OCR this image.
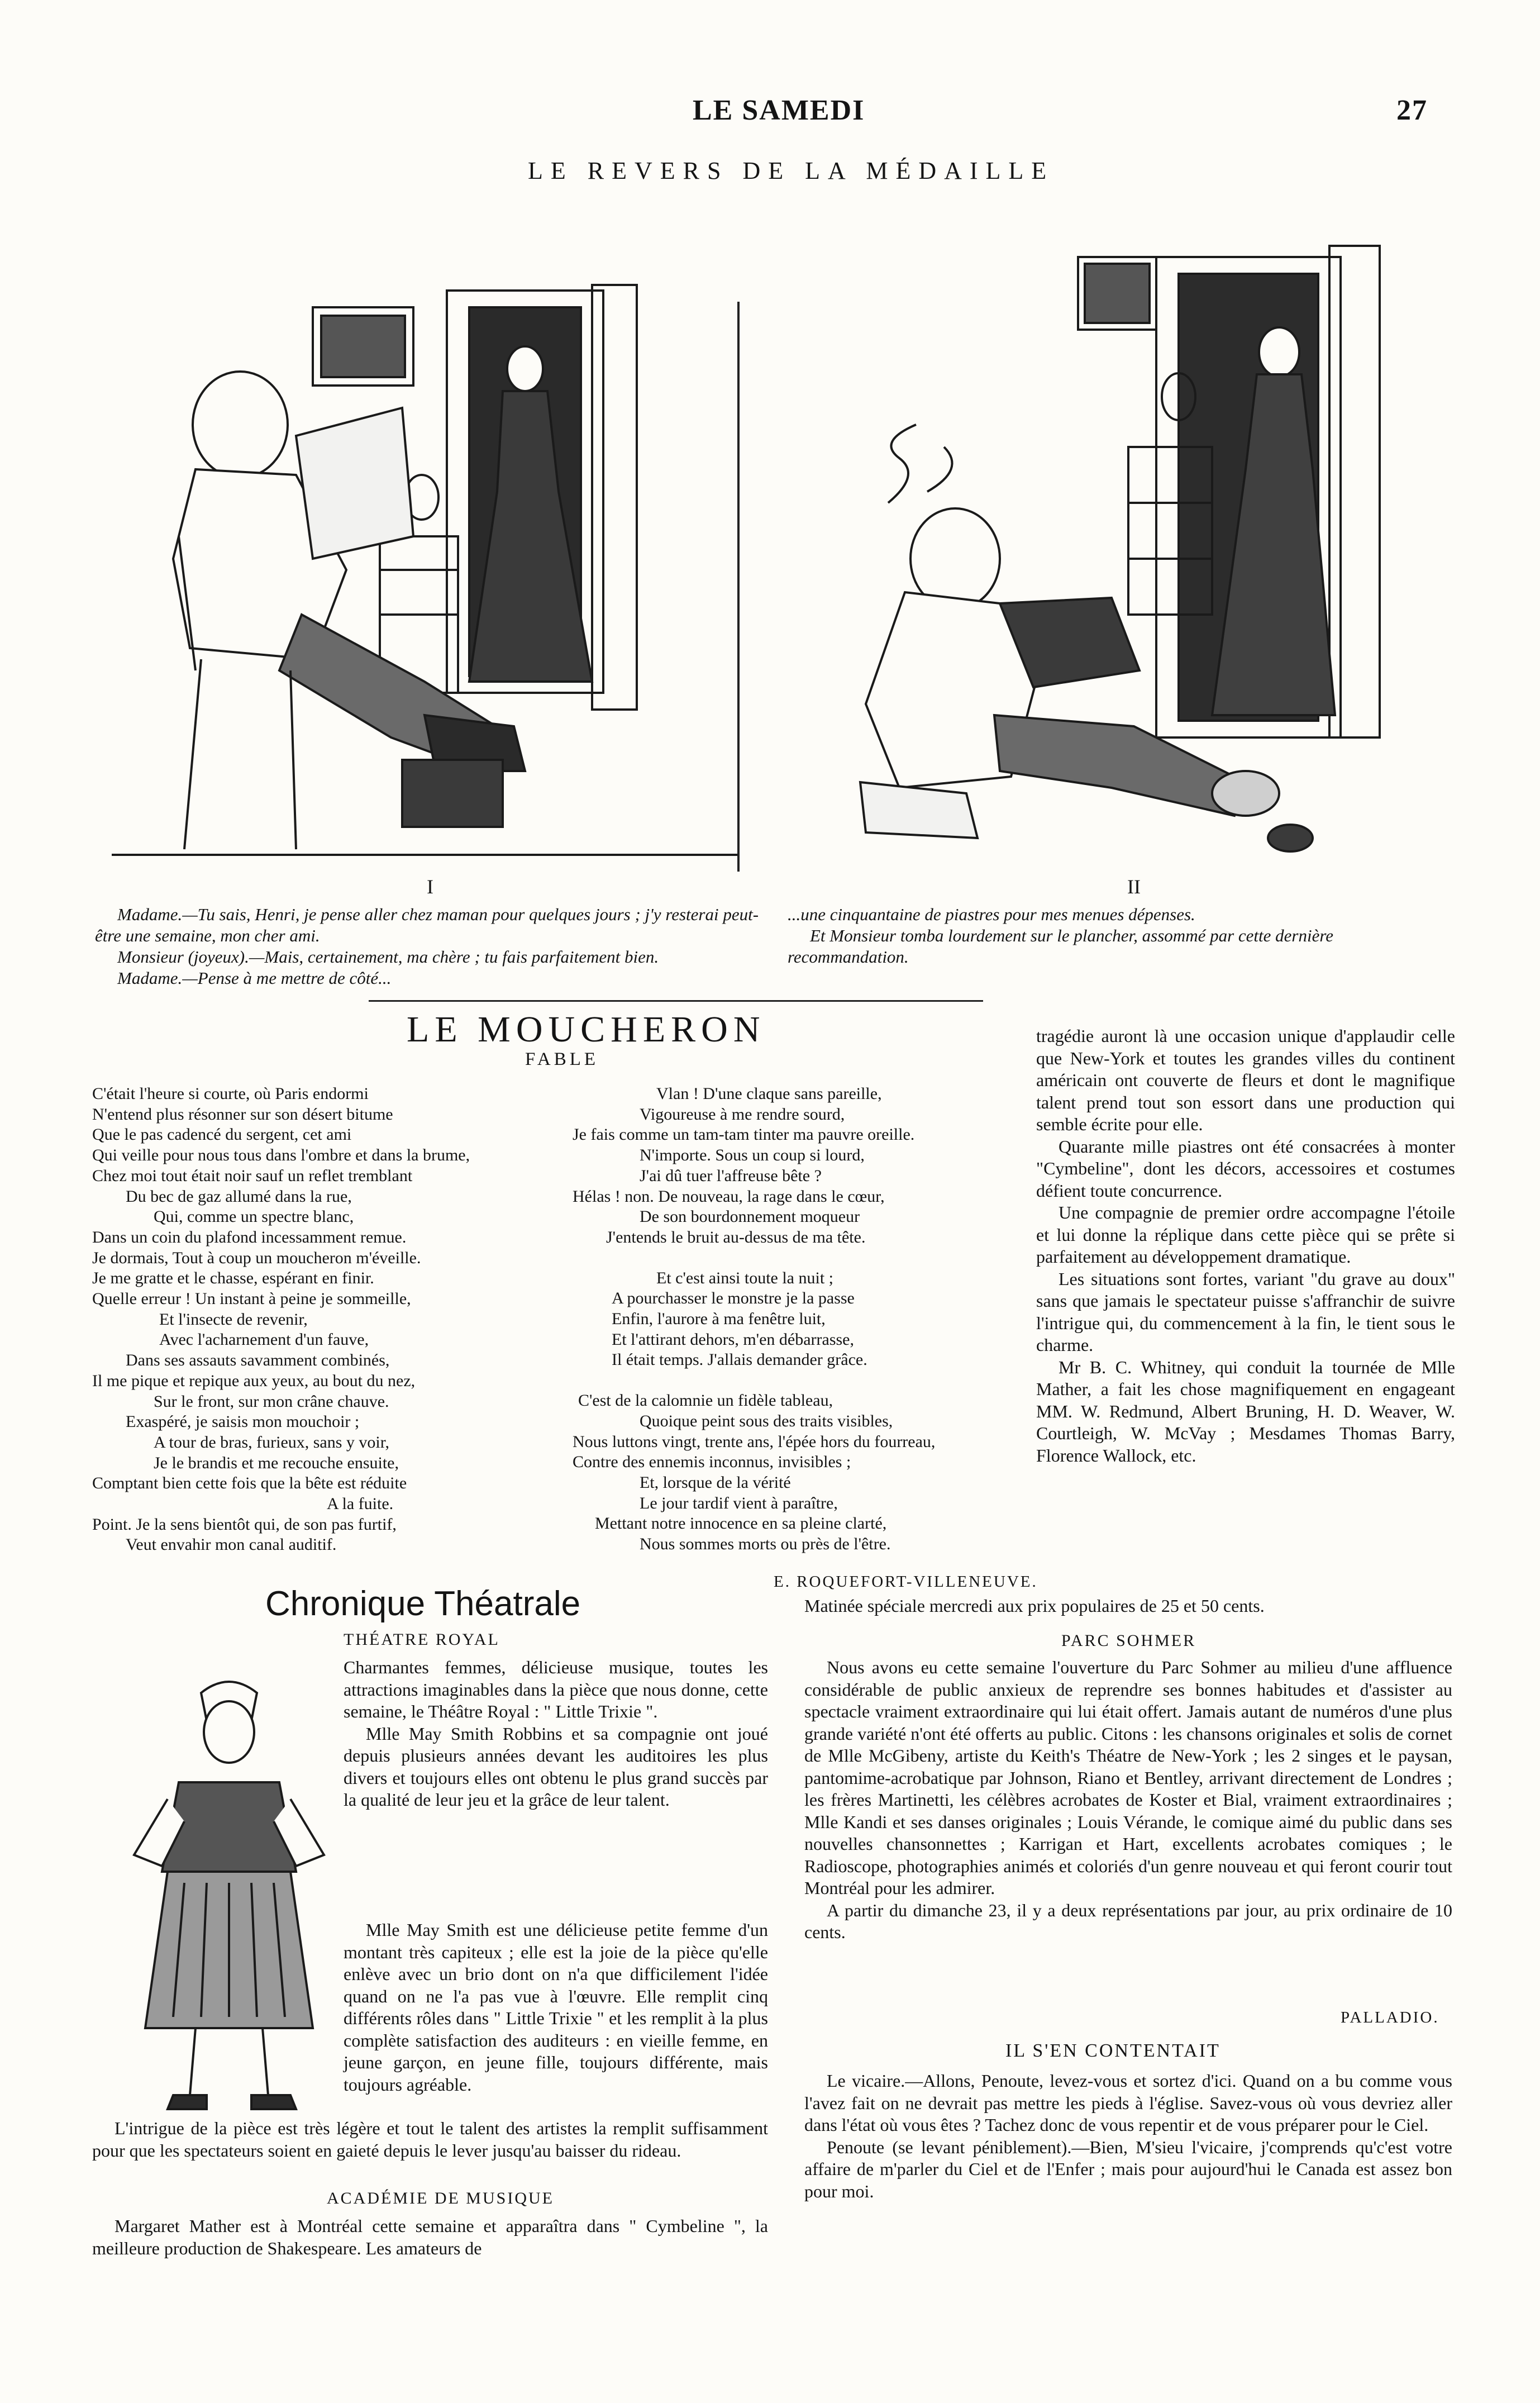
LE SAMEDI	27
LE REVERS DE LA MÉDAILLE
I	II
Madame.—Tu sais, Henri, je pense aller chez maman pour quelques jours ; j'y resterai peut-être une semaine, mon cher ami.
Monsieur (joyeux).—Mais, certainement, ma chère ; tu fais parfaitement bien.
Madame.—Pense à me mettre de côté...
...une cinquantaine de piastres pour mes menues dépenses.
Et Monsieur tomba lourdement sur le plancher, assommé par cette dernière recommandation.
LE MOUCHERON
FABLE
C'était l'heure si courte, où Paris endormi
N'entend plus résonner sur son désert bitume
Que le pas cadencé du sergent, cet ami
Qui veille pour nous tous dans l'ombre et dans la brume,
Chez moi tout était noir sauf un reflet tremblant
Du bec de gaz allumé dans la rue,
Qui, comme un spectre blanc,
Dans un coin du plafond incessamment remue.
Je dormais, Tout à coup un moucheron m'éveille.
Je me gratte et le chasse, espérant en finir.
Quelle erreur ! Un instant à peine je sommeille,
Et l'insecte de revenir,
Avec l'acharnement d'un fauve,
Dans ses assauts savamment combinés,
Il me pique et repique aux yeux, au bout du nez,
Sur le front, sur mon crâne chauve.
Exaspéré, je saisis mon mouchoir ;
A tour de bras, furieux, sans y voir,
Je le brandis et me recouche ensuite,
Comptant bien cette fois que la bête est réduite
A la fuite.
Point. Je la sens bientôt qui, de son pas furtif,
Veut envahir mon canal auditif.
Vlan ! D'une claque sans pareille,
Vigoureuse à me rendre sourd,
Je fais comme un tam-tam tinter ma pauvre oreille.
N'importe. Sous un coup si lourd,
J'ai dû tuer l'affreuse bête ?
Hélas ! non. De nouveau, la rage dans le cœur,
De son bourdonnement moqueur
J'entends le bruit au-dessus de ma tête.
Et c'est ainsi toute la nuit ;
A pourchasser le monstre je la passe
Enfin, l'aurore à ma fenêtre luit,
Et l'attirant dehors, m'en débarrasse,
Il était temps. J'allais demander grâce.
C'est de la calomnie un fidèle tableau,
Quoique peint sous des traits visibles,
Nous luttons vingt, trente ans, l'épée hors du fourreau,
Contre des ennemis inconnus, invisibles ;
Et, lorsque de la vérité
Le jour tardif vient à paraître,
Mettant notre innocence en sa pleine clarté,
Nous sommes morts ou près de l'être.
E. ROQUEFORT-VILLENEUVE.

tragédie auront là une occasion unique d'applaudir celle que New-York et toutes les grandes villes du continent américain ont couverte de fleurs et dont le magnifique talent prend tout son essort dans une production qui semble écrite pour elle.

Quarante mille piastres ont été consacrées à monter "Cymbeline", dont les décors, accessoires et costumes défient toute concurrence.

Une compagnie de premier ordre accompagne l'étoile et lui donne la réplique dans cette pièce qui se prête si parfaitement au développement dramatique.

Les situations sont fortes, variant "du grave au doux" sans que jamais le spectateur puisse s'affranchir de suivre l'intrigue qui, du commencement à la fin, le tient sous le charme.

Mr B. C. Whitney, qui conduit la tournée de Mlle Mather, a fait les chose magnifiquement en engageant MM. W. Redmund, Albert Bruning, H. D. Weaver, W. Courtleigh, W. McVay ; Mesdames Thomas Barry, Florence Wallock, etc.

Matinée spéciale mercredi aux prix populaires de 25 et 50 cents.
Chronique Théatrale
THÉATRE ROYAL

Charmantes femmes, délicieuse musique, toutes les attractions imaginables dans la pièce que nous donne, cette semaine, le Théâtre Royal : " Little Trixie ".

Mlle May Smith Robbins et sa compagnie ont joué depuis plusieurs années devant les auditoires les plus divers et toujours elles ont obtenu le plus grand succès par la qualité de leur jeu et la grâce de leur talent.

Mlle May Smith est une délicieuse petite femme d'un montant très capiteux ; elle est la joie de la pièce qu'elle enlève avec un brio dont on n'a que difficilement l'idée quand on ne l'a pas vue à l'œuvre. Elle remplit cinq différents rôles dans " Little Trixie " et les remplit à la plus complète satisfaction des auditeurs : en vieille femme, en jeune garçon, en jeune fille, toujours différente, mais toujours agréable.

L'intrigue de la pièce est très légère et tout le talent des artistes la remplit suffisamment pour que les spectateurs soient en gaieté depuis le lever jusqu'au baisser du rideau.

ACADÉMIE DE MUSIQUE

Margaret Mather est à Montréal cette semaine et apparaîtra dans " Cymbeline ", la meilleure production de Shakespeare. Les amateurs de

PARC SOHMER

Nous avons eu cette semaine l'ouverture du Parc Sohmer au milieu d'une affluence considérable de public anxieux de reprendre ses bonnes habitudes et d'assister au spectacle vraiment extraordinaire qui lui était offert. Jamais autant de numéros d'une plus grande variété n'ont été offerts au public. Citons : les chansons originales et solis de cornet de Mlle McGibeny, artiste du Keith's Théatre de New-York ; les 2 singes et le paysan, pantomime-acrobatique par Johnson, Riano et Bentley, arrivant directement de Londres ; les frères Martinetti, les célèbres acrobates de Koster et Bial, vraiment extraordinaires ; Mlle Kandi et ses danses originales ; Louis Vérande, le comique aimé du public dans ses nouvelles chansonnettes ; Karrigan et Hart, excellents acrobates comiques ; le Radioscope, photographies animés et coloriés d'un genre nouveau et qui feront courir tout Montréal pour les admirer.

A partir du dimanche 23, il y a deux représentations par jour, au prix ordinaire de 10 cents.

PALLADIO.
IL S'EN CONTENTAIT

Le vicaire.—Allons, Penoute, levez-vous et sortez d'ici. Quand on a bu comme vous l'avez fait on ne devrait pas mettre les pieds à l'église. Savez-vous où vous devriez aller dans l'état où vous êtes ? Tachez donc de vous repentir et de vous préparer pour le Ciel.

Penoute (se levant péniblement).—Bien, M'sieu l'vicaire, j'comprends qu'c'est votre affaire de m'parler du Ciel et de l'Enfer ; mais pour aujourd'hui le Canada est assez bon pour moi.
